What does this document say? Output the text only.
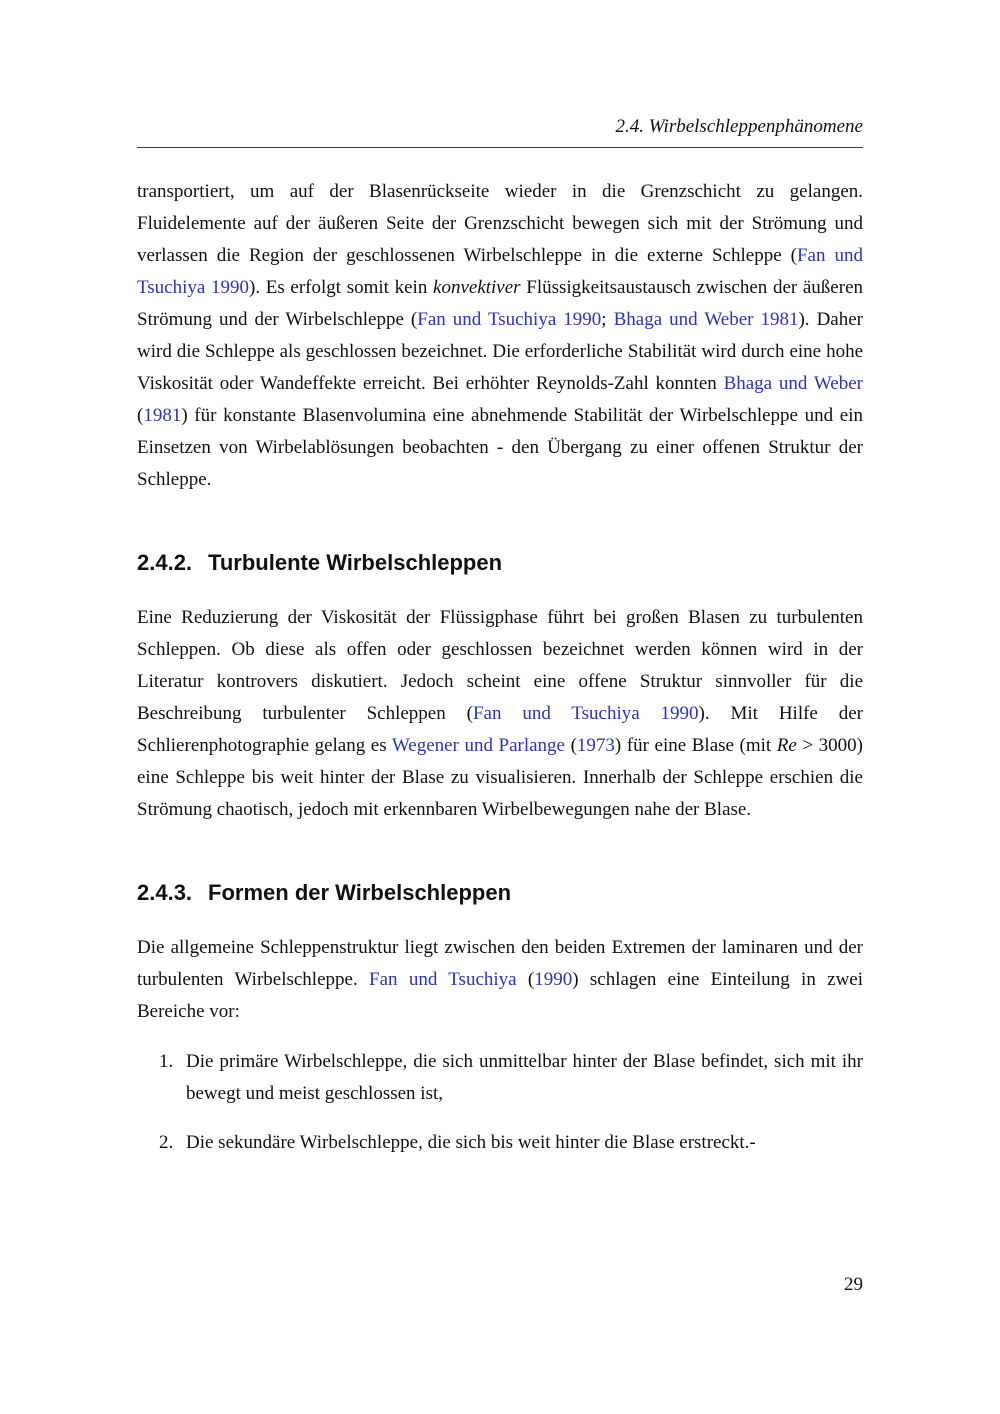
2.4. Wirbelschleppenphänomene

transportiert, um auf der Blasenrückseite wieder in die Grenzschicht zu gelangen. Fluidelemente auf der äußeren Seite der Grenzschicht bewegen sich mit der Strömung und verlassen die Region der geschlossenen Wirbelschleppe in die externe Schleppe (Fan und Tsuchiya 1990). Es erfolgt somit kein konvektiver Flüssigkeitsaustausch zwischen der äußeren Strömung und der Wirbelschleppe (Fan und Tsuchiya 1990; Bhaga und Weber 1981). Daher wird die Schleppe als geschlossen bezeichnet. Die erforderliche Stabilität wird durch eine hohe Viskosität oder Wandeffekte erreicht. Bei erhöhter Reynolds-Zahl konnten Bhaga und Weber (1981) für konstante Blasenvolumina eine abnehmende Stabilität der Wirbelschleppe und ein Einsetzen von Wirbelablösungen beobachten - den Übergang zu einer offenen Struktur der Schleppe.

2.4.2. Turbulente Wirbelschleppen

Eine Reduzierung der Viskosität der Flüssigphase führt bei großen Blasen zu turbulenten Schleppen. Ob diese als offen oder geschlossen bezeichnet werden können wird in der Literatur kontrovers diskutiert. Jedoch scheint eine offene Struktur sinnvoller für die Beschreibung turbulenter Schleppen (Fan und Tsuchiya 1990). Mit Hilfe der Schlierenphotographie gelang es Wegener und Parlange (1973) für eine Blase (mit Re > 3000) eine Schleppe bis weit hinter der Blase zu visualisieren. Innerhalb der Schleppe erschien die Strömung chaotisch, jedoch mit erkennbaren Wirbelbewegungen nahe der Blase.

2.4.3. Formen der Wirbelschleppen

Die allgemeine Schleppenstruktur liegt zwischen den beiden Extremen der laminaren und der turbulenten Wirbelschleppe. Fan und Tsuchiya (1990) schlagen eine Einteilung in zwei Bereiche vor:

1. Die primäre Wirbelschleppe, die sich unmittelbar hinter der Blase befindet, sich mit ihr bewegt und meist geschlossen ist,
2. Die sekundäre Wirbelschleppe, die sich bis weit hinter die Blase erstreckt.-
29
